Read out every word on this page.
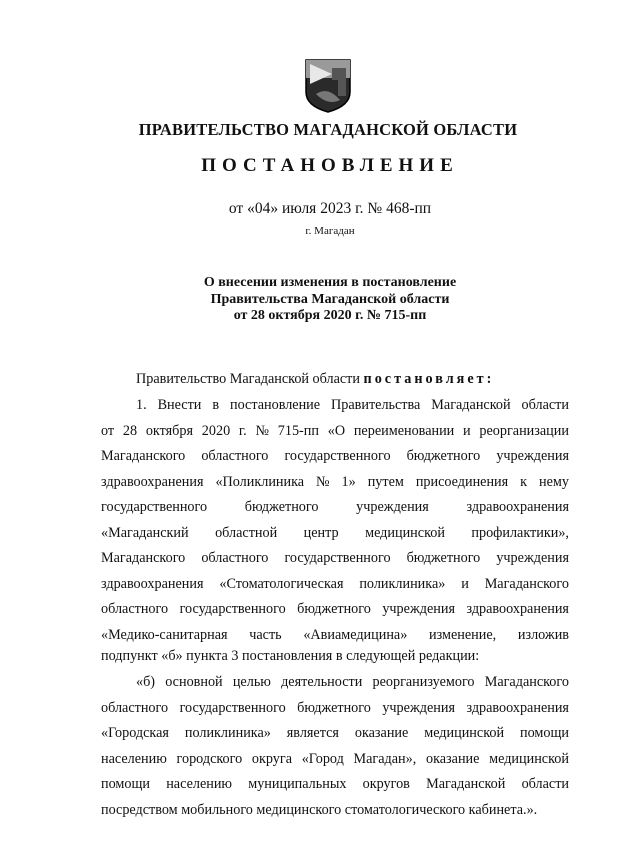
ПРАВИТЕЛЬСТВО МАГАДАНСКОЙ ОБЛАСТИ
ПОСТАНОВЛЕНИЕ
от «04» июля 2023 г. № 468-пп
г. Магадан
О внесении изменения в постановление
Правительства Магаданской области
от 28 октября 2020 г. № 715-пп
Правительство Магаданской области постановляет:
1. Внести в постановление Правительства Магаданской области
от 28 октября 2020 г. № 715-пп «О переименовании и реорганизации
Магаданского областного государственного бюджетного учреждения
здравоохранения «Поликлиника № 1» путем присоединения к нему
государственного	бюджетного	учреждения	здравоохранения
«Магаданский областной центр медицинской профилактики»,
Магаданского областного государственного бюджетного учреждения
здравоохранения «Стоматологическая поликлиника» и Магаданского
областного государственного бюджетного учреждения здравоохранения
«Медико-санитарная часть «Авиамедицина» изменение, изложив
подпункт «б» пункта 3 постановления в следующей редакции:
«б) основной целью деятельности реорганизуемого Магаданского
областного государственного бюджетного учреждения здравоохранения
«Городская поликлиника» является оказание медицинской помощи
населению городского округа «Город Магадан», оказание медицинской
помощи населению муниципальных округов Магаданской области
посредством мобильного медицинского стоматологического кабинета.».
